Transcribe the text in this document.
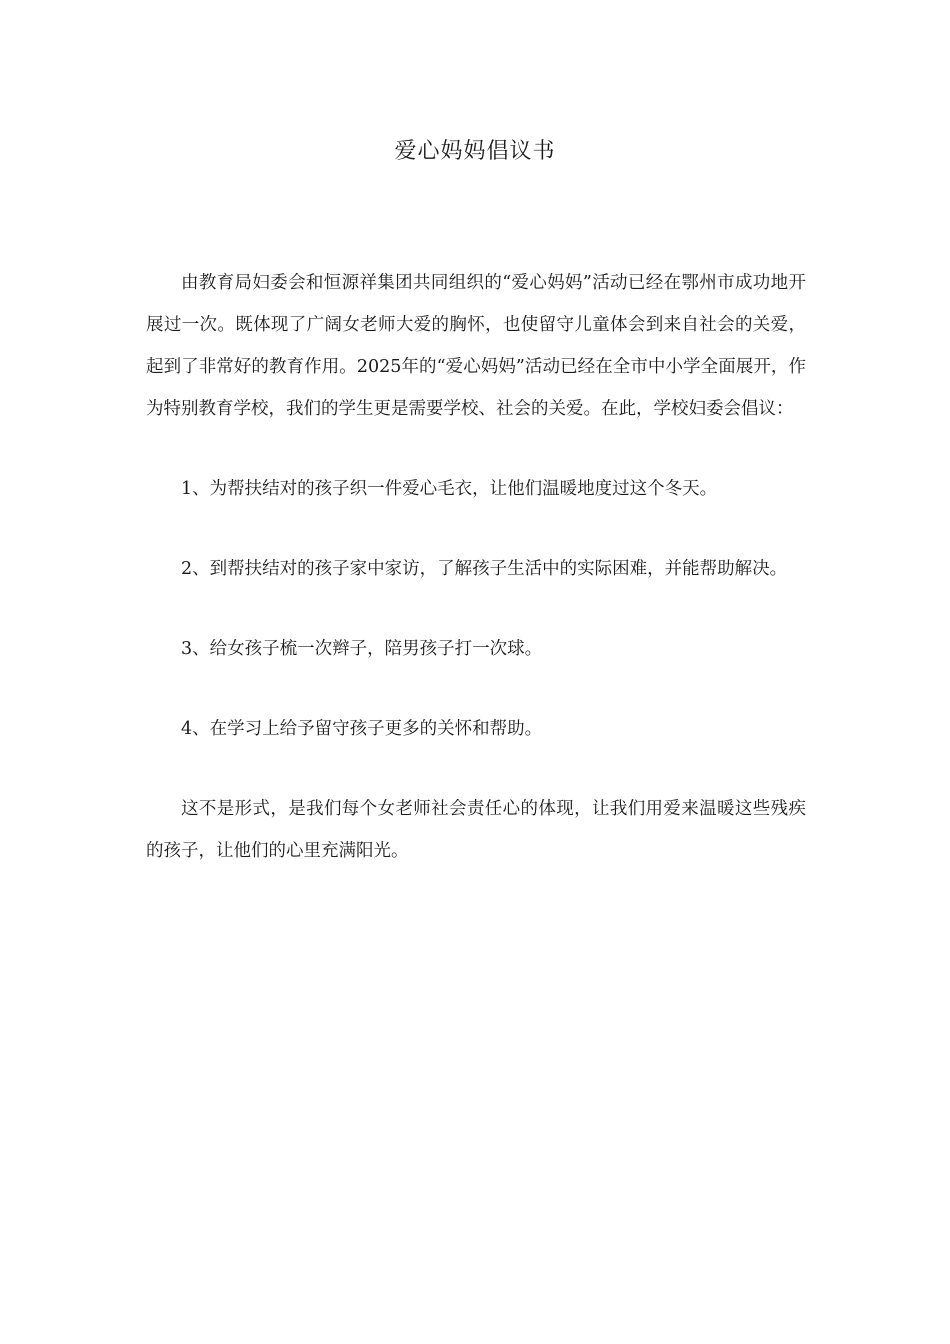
爱心妈妈倡议书

由教育局妇委会和恒源祥集团共同组织的“爱心妈妈”活动已经在鄂州市成功地开展过一次。既体现了广阔女老师大爱的胸怀，也使留守儿童体会到来自社会的关爱，起到了非常好的教育作用。2025年的“爱心妈妈”活动已经在全市中小学全面展开，作为特别教育学校，我们的学生更是需要学校、社会的关爱。在此，学校妇委会倡议：

1、为帮扶结对的孩子织一件爱心毛衣，让他们温暖地度过这个冬天。

2、到帮扶结对的孩子家中家访，了解孩子生活中的实际困难，并能帮助解决。

3、给女孩子梳一次辫子，陪男孩子打一次球。

4、在学习上给予留守孩子更多的关怀和帮助。

这不是形式，是我们每个女老师社会责任心的体现，让我们用爱来温暖这些残疾的孩子，让他们的心里充满阳光。
